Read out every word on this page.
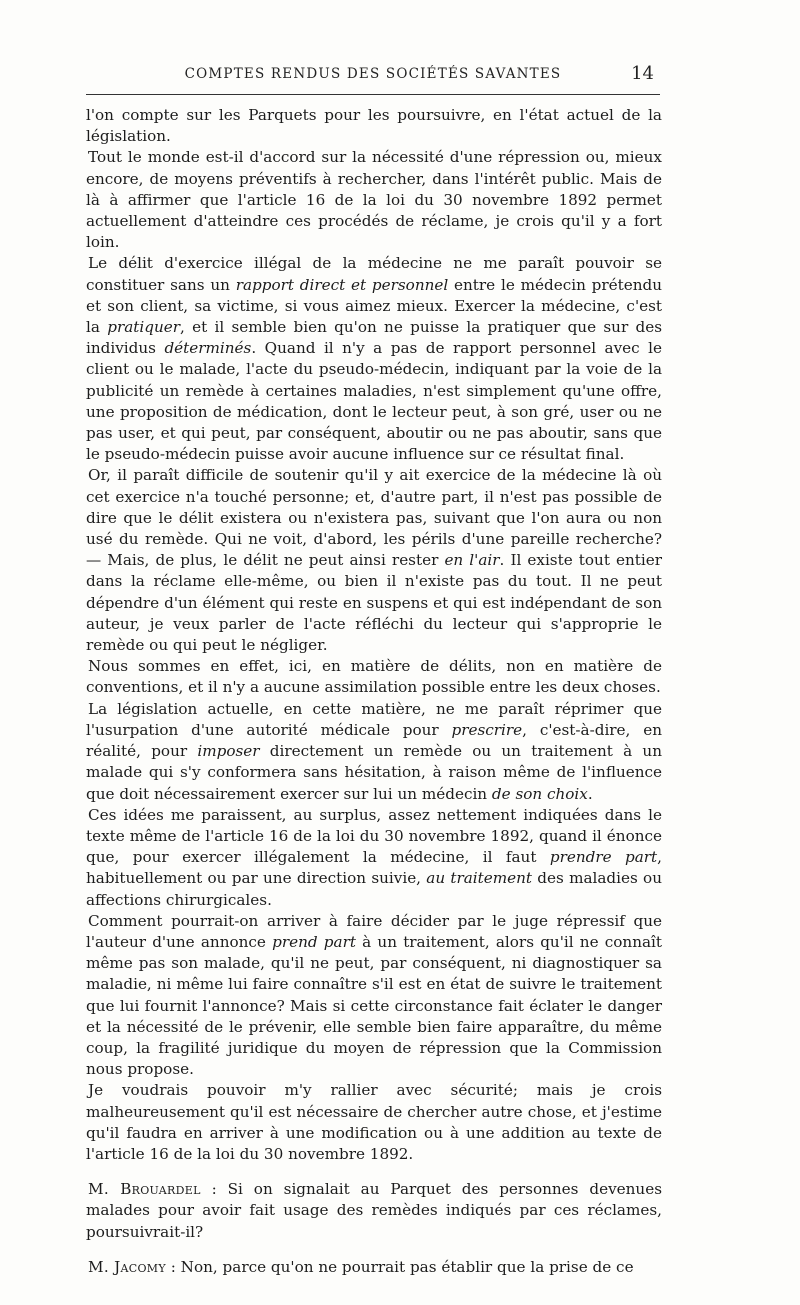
COMPTES RENDUS DES SOCIÉTÉS SAVANTES	14

l'on compte sur les Parquets pour les poursuivre, en l'état actuel de la législation.

Tout le monde est-il d'accord sur la nécessité d'une répression ou, mieux encore, de moyens préventifs à rechercher, dans l'intérêt public. Mais de là à affirmer que l'article 16 de la loi du 30 novembre 1892 permet actuellement d'atteindre ces procédés de réclame, je crois qu'il y a fort loin.

Le délit d'exercice illégal de la médecine ne me paraît pouvoir se constituer sans un rapport direct et personnel entre le médecin prétendu et son client, sa victime, si vous aimez mieux. Exercer la médecine, c'est la pratiquer, et il semble bien qu'on ne puisse la pratiquer que sur des individus déterminés. Quand il n'y a pas de rapport personnel avec le client ou le malade, l'acte du pseudo-médecin, indiquant par la voie de la publicité un remède à certaines maladies, n'est simplement qu'une offre, une proposition de médication, dont le lecteur peut, à son gré, user ou ne pas user, et qui peut, par conséquent, aboutir ou ne pas aboutir, sans que le pseudo-médecin puisse avoir aucune influence sur ce résultat final.

Or, il paraît difficile de soutenir qu'il y ait exercice de la médecine là où cet exercice n'a touché personne; et, d'autre part, il n'est pas possible de dire que le délit existera ou n'existera pas, suivant que l'on aura ou non usé du remède. Qui ne voit, d'abord, les périls d'une pareille recherche? — Mais, de plus, le délit ne peut ainsi rester en l'air. Il existe tout entier dans la réclame elle-même, ou bien il n'existe pas du tout. Il ne peut dépendre d'un élément qui reste en suspens et qui est indépendant de son auteur, je veux parler de l'acte réfléchi du lecteur qui s'approprie le remède ou qui peut le négliger.

Nous sommes en effet, ici, en matière de délits, non en matière de conventions, et il n'y a aucune assimilation possible entre les deux choses.

La législation actuelle, en cette matière, ne me paraît réprimer que l'usurpation d'une autorité médicale pour prescrire, c'est-à-dire, en réalité, pour imposer directement un remède ou un traitement à un malade qui s'y conformera sans hésitation, à raison même de l'influence que doit nécessairement exercer sur lui un médecin de son choix.

Ces idées me paraissent, au surplus, assez nettement indiquées dans le texte même de l'article 16 de la loi du 30 novembre 1892, quand il énonce que, pour exercer illégalement la médecine, il faut prendre part, habituellement ou par une direction suivie, au traitement des maladies ou affections chirurgicales.

Comment pourrait-on arriver à faire décider par le juge répressif que l'auteur d'une annonce prend part à un traitement, alors qu'il ne connaît même pas son malade, qu'il ne peut, par conséquent, ni diagnostiquer sa maladie, ni même lui faire connaître s'il est en état de suivre le traitement que lui fournit l'annonce? Mais si cette circonstance fait éclater le danger et la nécessité de le prévenir, elle semble bien faire apparaître, du même coup, la fragilité juridique du moyen de répression que la Commission nous propose.

Je voudrais pouvoir m'y rallier avec sécurité; mais je crois malheureusement qu'il est nécessaire de chercher autre chose, et j'estime qu'il faudra en arriver à une modification ou à une addition au texte de l'article 16 de la loi du 30 novembre 1892.

M. Brouardel : Si on signalait au Parquet des personnes devenues malades pour avoir fait usage des remèdes indiqués par ces réclames, poursuivrait-il?

M. Jacomy : Non, parce qu'on ne pourrait pas établir que la prise de ce
